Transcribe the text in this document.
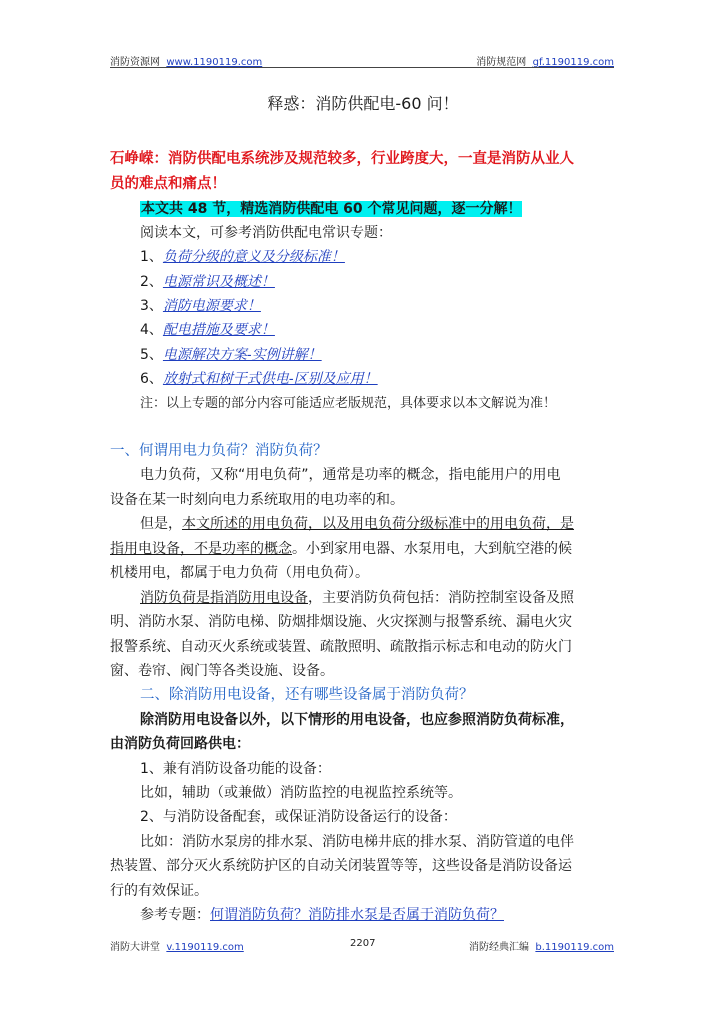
消防资源网 www.1190119.com	消防规范网 gf.1190119.com
释惑：消防供配电-60 问！
石峥嵘：消防供配电系统涉及规范较多，行业跨度大，一直是消防从业人
员的难点和痛点！
本文共 48 节，精选消防供配电 60 个常见问题，逐一分解！
阅读本文，可参考消防供配电常识专题：
1、负荷分级的意义及分级标准！
2、电源常识及概述！
3、消防电源要求！
4、配电措施及要求！
5、电源解决方案-实例讲解！
6、放射式和树干式供电-区别及应用！
注：以上专题的部分内容可能适应老版规范，具体要求以本文解说为准！
一、何谓用电力负荷？消防负荷？
电力负荷，又称“用电负荷”，通常是功率的概念，指电能用户的用电
设备在某一时刻向电力系统取用的电功率的和。
但是，本文所述的用电负荷，以及用电负荷分级标准中的用电负荷，是
指用电设备，不是功率的概念。小到家用电器、水泵用电，大到航空港的候
机楼用电，都属于电力负荷（用电负荷）。
消防负荷是指消防用电设备，主要消防负荷包括：消防控制室设备及照
明、消防水泵、消防电梯、防烟排烟设施、火灾探测与报警系统、漏电火灾
报警系统、自动灭火系统或装置、疏散照明、疏散指示标志和电动的防火门
窗、卷帘、阀门等各类设施、设备。
二、除消防用电设备，还有哪些设备属于消防负荷？
除消防用电设备以外，以下情形的用电设备，也应参照消防负荷标准，
由消防负荷回路供电：
1、兼有消防设备功能的设备：
比如，辅助（或兼做）消防监控的电视监控系统等。
2、与消防设备配套，或保证消防设备运行的设备：
比如：消防水泵房的排水泵、消防电梯井底的排水泵、消防管道的电伴
热装置、部分灭火系统防护区的自动关闭装置等等，这些设备是消防设备运
行的有效保证。
参考专题：何谓消防负荷？消防排水泵是否属于消防负荷？
消防大讲堂 v.1190119.com	2207	消防经典汇编 b.1190119.com
